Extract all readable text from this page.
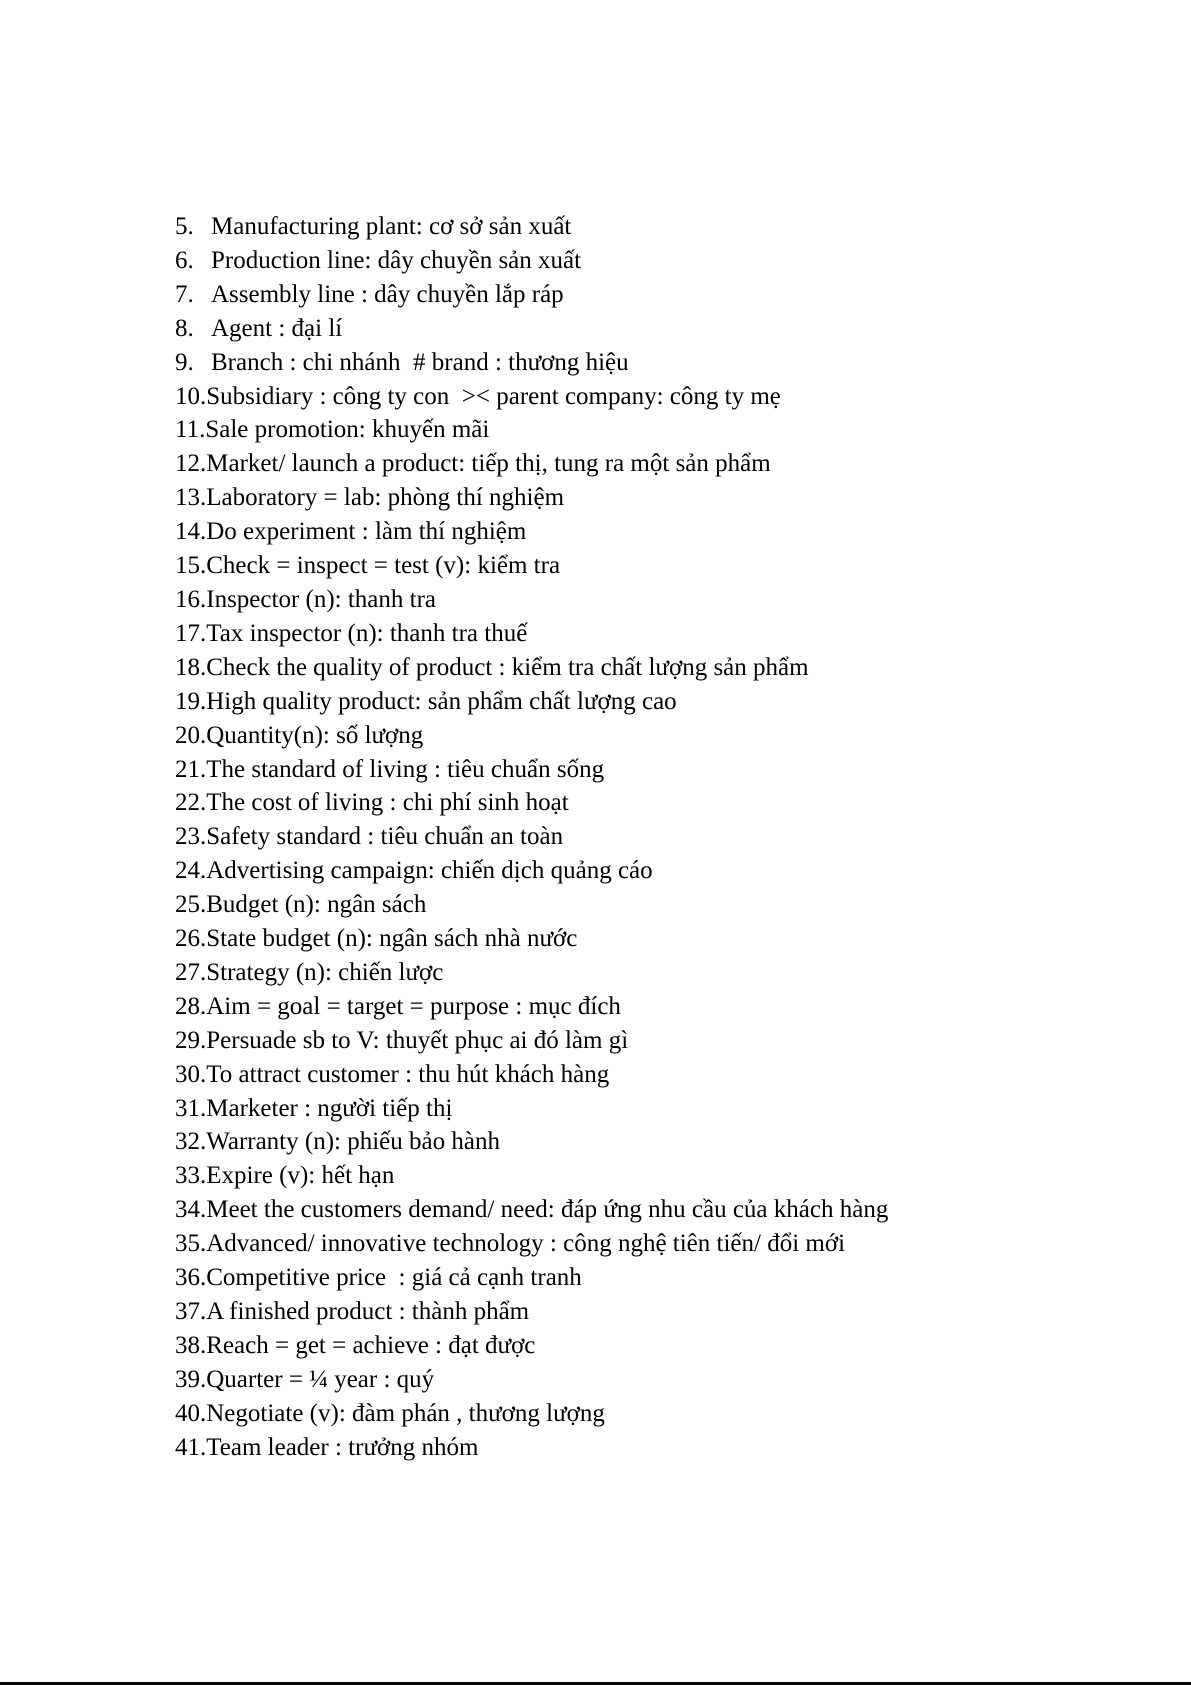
5. Manufacturing plant: cơ sở sản xuất
6. Production line: dây chuyền sản xuất
7. Assembly line : dây chuyền lắp ráp
8. Agent : đại lí
9. Branch : chi nhánh  # brand : thương hiệu
10.Subsidiary : công ty con  >< parent company: công ty mẹ
11.Sale promotion: khuyến mãi
12.Market/ launch a product: tiếp thị, tung ra một sản phẩm
13.Laboratory = lab: phòng thí nghiệm
14.Do experiment : làm thí nghiệm
15.Check = inspect = test (v): kiểm tra
16.Inspector (n): thanh tra
17.Tax inspector (n): thanh tra thuế
18.Check the quality of product : kiểm tra chất lượng sản phẩm
19.High quality product: sản phẩm chất lượng cao
20.Quantity(n): số lượng
21.The standard of living : tiêu chuẩn sống
22.The cost of living : chi phí sinh hoạt
23.Safety standard : tiêu chuẩn an toàn
24.Advertising campaign: chiến dịch quảng cáo
25.Budget (n): ngân sách
26.State budget (n): ngân sách nhà nước
27.Strategy (n): chiến lược
28.Aim = goal = target = purpose : mục đích
29.Persuade sb to V: thuyết phục ai đó làm gì
30.To attract customer : thu hút khách hàng
31.Marketer : người tiếp thị
32.Warranty (n): phiếu bảo hành
33.Expire (v): hết hạn
34.Meet the customers demand/ need: đáp ứng nhu cầu của khách hàng
35.Advanced/ innovative technology : công nghệ tiên tiến/ đổi mới
36.Competitive price  : giá cả cạnh tranh
37.A finished product : thành phẩm
38.Reach = get = achieve : đạt được
39.Quarter = ¼ year : quý
40.Negotiate (v): đàm phán , thương lượng
41.Team leader : trưởng nhóm
